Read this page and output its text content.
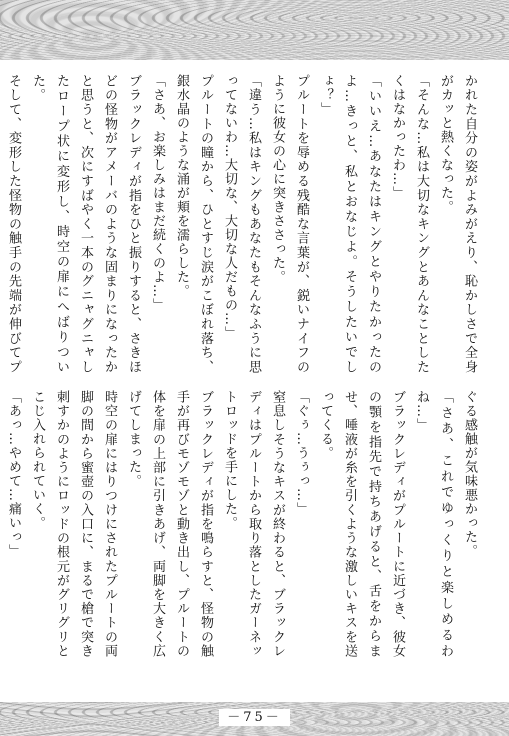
かれた自分の姿がよみがえり、恥かしさで全身がカッと熱くなった。

「そんな…私は大切なキングとあんなことしたくはなかったわ…」

「いいえ…あなたはキングとやりたかったのよ…きっと、私とおなじよ。そうしたいでしょ？」

プルートを辱める残酷な言葉が、鋭いナイフのように彼女の心に突きささった。

「違う…私はキングもあなたもそんなふうに思ってないわ…大切な、大切な人だもの…」

プルートの瞳から、ひとすじ涙がこぼれ落ち、銀水晶のような涌が頬を濡らした。

「さあ、お楽しみはまだ続くのよ…」

ブラックレディが指をひと振りすると、さきほどの怪物がアメーバのような固まりになったかと思うと、次にすばやく一本のグニャグニャしたロープ状に変形し、時空の扉にへばりついた。

そして、変形した怪物の触手の先端が伸びてプ

ぐる感触が気味悪かった。

「さあ、これでゆっくりと楽しめるわね…」

ブラックレディがプルートに近づき、彼女の顎を指先で持ちあげると、舌をからませ、唾液が糸を引くような激しいキスを送ってくる。

「ぐぅ…うぅっ…」

窒息しそうなキスが終わると、ブラックレディはプルートから取り落としたガーネットロッドを手にした。

ブラックレディが指を鳴らすと、怪物の触手が再びモゾモゾと動き出し、プルートの体を扉の上部に引きあげ、両脚を大きく広げてしまった。

時空の扉にはりつけにされたプルートの両脚の間から蜜壺の入口に、まるで槍で突き刺すかのようにロッドの根元がグリグリとこじ入れられていく。

「あっ…やめて…痛いっ」

－75－
